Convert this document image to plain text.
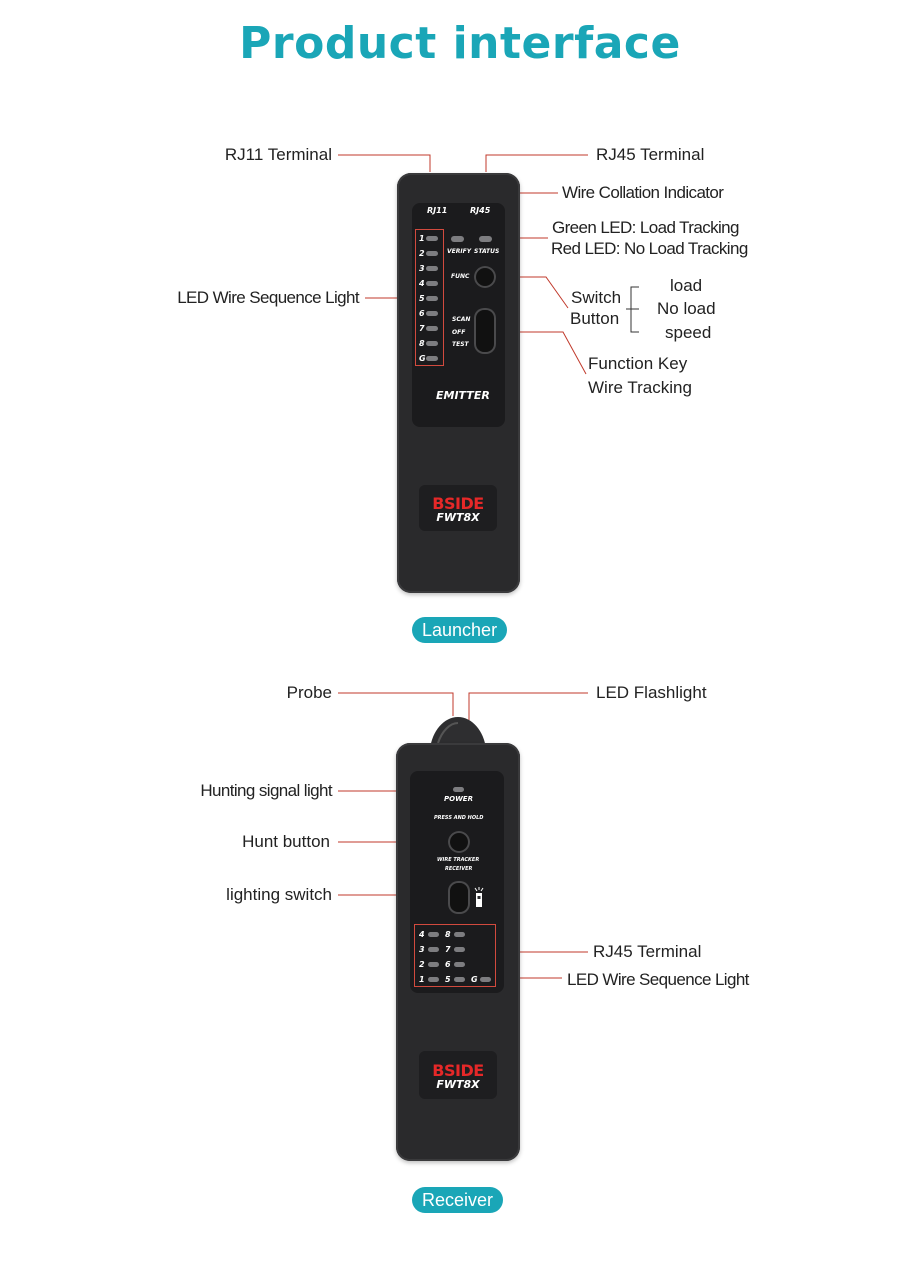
Product interface
RJ11	RJ45
1
2
3
4
5
6
7
8
G
VERIFY STATUS
FUNC
SCAN
OFF
TEST
EMITTER
BSIDE
FWT8X
RJ11 Terminal	RJ45 Terminal
Wire Collation Indicator
Green LED: Load Tracking
Red LED: No Load Tracking
LED Wire Sequence Light	Switch
Button
load
No load
speed
Function Key
Wire Tracking
Launcher
POWER
PRESS AND HOLD
WIRE TRACKER
RECEIVER
4	8
3	7
2	6
1	5	G
BSIDE
FWT8X
Probe	LED Flashlight
Hunting signal light
Hunt button
lighting switch
RJ45 Terminal
LED Wire Sequence Light
Receiver
